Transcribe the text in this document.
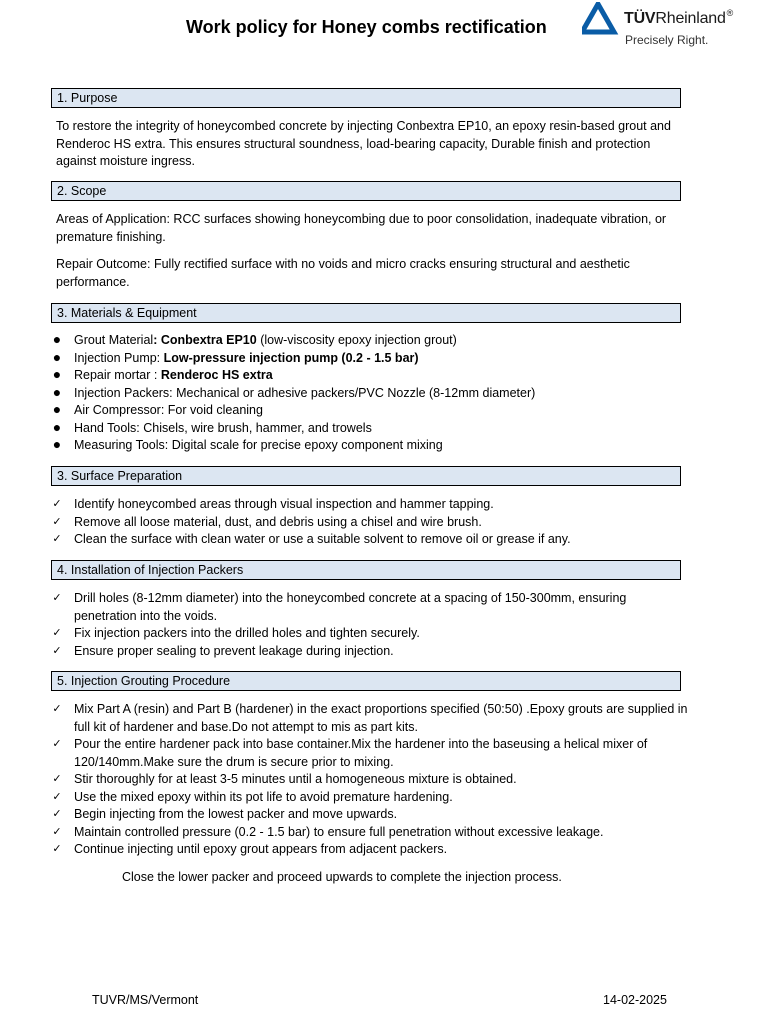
Work policy for Honey combs rectification	TÜVRheinland®
Precisely Right.
1. Purpose
To restore the integrity of honeycombed concrete by injecting Conbextra EP10, an epoxy resin-based grout and Renderoc HS extra. This ensures structural soundness, load-bearing capacity, Durable finish and protection against moisture ingress.
2. Scope
Areas of Application: RCC surfaces showing honeycombing due to poor consolidation, inadequate vibration, or premature finishing.
Repair Outcome: Fully rectified surface with no voids and micro cracks ensuring structural and aesthetic performance.
3. Materials & Equipment
● Grout Material: Conbextra EP10 (low-viscosity epoxy injection grout)
● Injection Pump: Low-pressure injection pump (0.2 - 1.5 bar)
● Repair mortar : Renderoc HS extra
● Injection Packers: Mechanical or adhesive packers/PVC Nozzle (8-12mm diameter)
● Air Compressor: For void cleaning
● Hand Tools: Chisels, wire brush, hammer, and trowels
● Measuring Tools: Digital scale for precise epoxy component mixing
3. Surface Preparation
✓ Identify honeycombed areas through visual inspection and hammer tapping.
✓ Remove all loose material, dust, and debris using a chisel and wire brush.
✓ Clean the surface with clean water or use a suitable solvent to remove oil or grease if any.
4. Installation of Injection Packers
✓ Drill holes (8-12mm diameter) into the honeycombed concrete at a spacing of 150-300mm, ensuring penetration into the voids.
✓ Fix injection packers into the drilled holes and tighten securely.
✓ Ensure proper sealing to prevent leakage during injection.
5. Injection Grouting Procedure
✓ Mix Part A (resin) and Part B (hardener) in the exact proportions specified (50:50) .Epoxy grouts are supplied in full kit of hardener and base.Do not attempt to mis as part kits.
✓ Pour the entire hardener pack into base container.Mix the hardener into the baseusing a helical mixer of 120/140mm.Make sure the drum is secure prior to mixing.
✓ Stir thoroughly for at least 3-5 minutes until a homogeneous mixture is obtained.
✓ Use the mixed epoxy within its pot life to avoid premature hardening.
✓ Begin injecting from the lowest packer and move upwards.
✓ Maintain controlled pressure (0.2 - 1.5 bar) to ensure full penetration without excessive leakage.
✓ Continue injecting until epoxy grout appears from adjacent packers.
Close the lower packer and proceed upwards to complete the injection process.
TUVR/MS/Vermont	14-02-2025
